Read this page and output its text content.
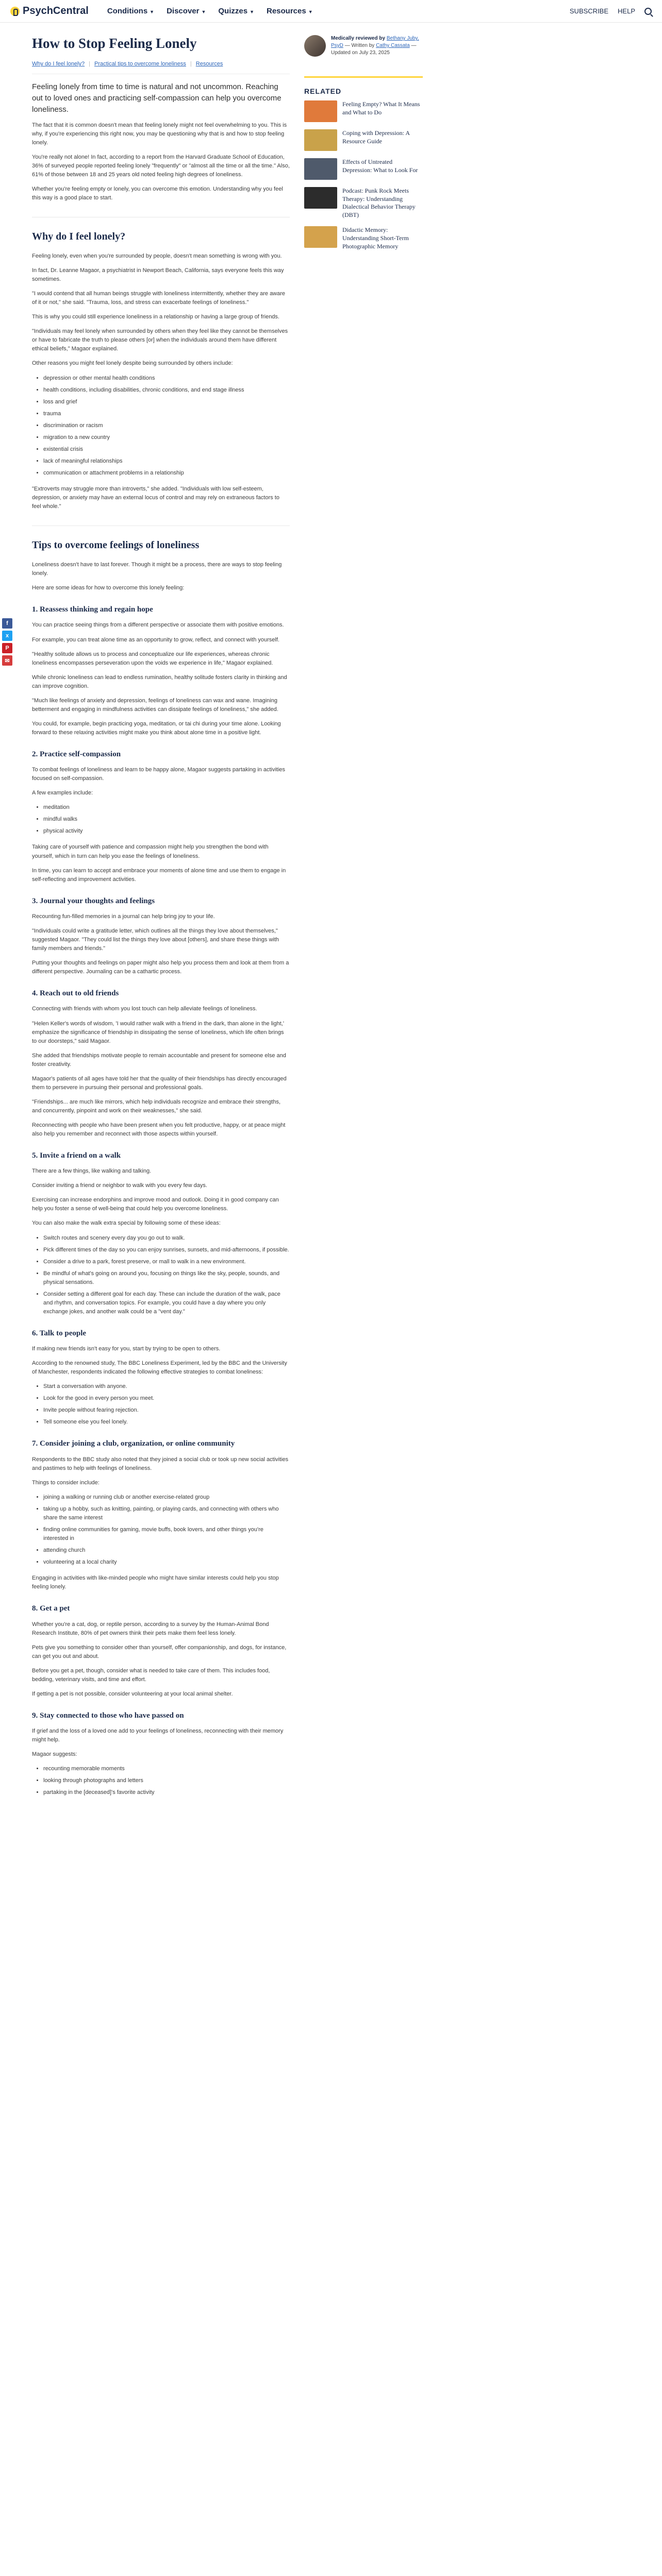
PsychCentral Conditions ▼ Discover ▼ Quizzes ▼ Resources ▼	SUBSCRIBE HELP
f
x
P
✉
How to Stop Feeling Lonely
Why do I feel lonely? | Practical tips to overcome loneliness | Resources

Feeling lonely from time to time is natural and not uncommon. Reaching out to loved ones and practicing self-compassion can help you overcome loneliness.

The fact that it is common doesn't mean that feeling lonely might not feel overwhelming to you. This is why, if you're experiencing this right now, you may be questioning why that is and how to stop feeling lonely.

You're really not alone! In fact, according to a report from the Harvard Graduate School of Education, 36% of surveyed people reported feeling lonely "frequently" or "almost all the time or all the time." Also, 61% of those between 18 and 25 years old noted feeling high degrees of loneliness.

Whether you're feeling empty or lonely, you can overcome this emotion. Understanding why you feel this way is a good place to start.

Why do I feel lonely?

Feeling lonely, even when you're surrounded by people, doesn't mean something is wrong with you.

In fact, Dr. Leanne Magaor, a psychiatrist in Newport Beach, California, says everyone feels this way sometimes.

"I would contend that all human beings struggle with loneliness intermittently, whether they are aware of it or not," she said. "Trauma, loss, and stress can exacerbate feelings of loneliness."

This is why you could still experience loneliness in a relationship or having a large group of friends.

"Individuals may feel lonely when surrounded by others when they feel like they cannot be themselves or have to fabricate the truth to please others [or] when the individuals around them have different ethical beliefs," Magaor explained.

Other reasons you might feel lonely despite being surrounded by others include:

• depression or other mental health conditions
• health conditions, including disabilities, chronic conditions, and end stage illness
• loss and grief
• trauma
• discrimination or racism
• migration to a new country
• existential crisis
• lack of meaningful relationships
• communication or attachment problems in a relationship

"Extroverts may struggle more than introverts," she added. "Individuals with low self-esteem, depression, or anxiety may have an external locus of control and may rely on extraneous factors to feel whole."

Tips to overcome feelings of loneliness

Loneliness doesn't have to last forever. Though it might be a process, there are ways to stop feeling lonely.

Here are some ideas for how to overcome this lonely feeling:

1. Reassess thinking and regain hope

You can practice seeing things from a different perspective or associate them with positive emotions.

For example, you can treat alone time as an opportunity to grow, reflect, and connect with yourself.

"Healthy solitude allows us to process and conceptualize our life experiences, whereas chronic loneliness encompasses perseveration upon the voids we experience in life," Magaor explained.

While chronic loneliness can lead to endless rumination, healthy solitude fosters clarity in thinking and can improve cognition.

"Much like feelings of anxiety and depression, feelings of loneliness can wax and wane. Imagining betterment and engaging in mindfulness activities can dissipate feelings of loneliness," she added.

You could, for example, begin practicing yoga, meditation, or tai chi during your time alone. Looking forward to these relaxing activities might make you think about alone time in a positive light.

2. Practice self-compassion

To combat feelings of loneliness and learn to be happy alone, Magaor suggests partaking in activities focused on self-compassion.

A few examples include:

• meditation
• mindful walks
• physical activity

Taking care of yourself with patience and compassion might help you strengthen the bond with yourself, which in turn can help you ease the feelings of loneliness.

In time, you can learn to accept and embrace your moments of alone time and use them to engage in self-reflecting and improvement activities.

3. Journal your thoughts and feelings

Recounting fun-filled memories in a journal can help bring joy to your life.

"Individuals could write a gratitude letter, which outlines all the things they love about themselves," suggested Magaor. "They could list the things they love about [others], and share these things with family members and friends."

Putting your thoughts and feelings on paper might also help you process them and look at them from a different perspective. Journaling can be a cathartic process.

4. Reach out to old friends

Connecting with friends with whom you lost touch can help alleviate feelings of loneliness.

"Helen Keller's words of wisdom, 'I would rather walk with a friend in the dark, than alone in the light,' emphasize the significance of friendship in dissipating the sense of loneliness, which life often brings to our doorsteps," said Magaor.

She added that friendships motivate people to remain accountable and present for someone else and foster creativity.

Magaor's patients of all ages have told her that the quality of their friendships has directly encouraged them to persevere in pursuing their personal and professional goals.

"Friendships... are much like mirrors, which help individuals recognize and embrace their strengths, and concurrently, pinpoint and work on their weaknesses," she said.

Reconnecting with people who have been present when you felt productive, happy, or at peace might also help you remember and reconnect with those aspects within yourself.

5. Invite a friend on a walk

There are a few things, like walking and talking.

Consider inviting a friend or neighbor to walk with you every few days.

Exercising can increase endorphins and improve mood and outlook. Doing it in good company can help you foster a sense of well-being that could help you overcome loneliness.

You can also make the walk extra special by following some of these ideas:

• Switch routes and scenery every day you go out to walk.
• Pick different times of the day so you can enjoy sunrises, sunsets, and mid-afternoons, if possible.
• Consider a drive to a park, forest preserve, or mall to walk in a new environment.
• Be mindful of what's going on around you, focusing on things like the sky, people, sounds, and physical sensations.
• Consider setting a different goal for each day. These can include the duration of the walk, pace and rhythm, and conversation topics. For example, you could have a day where you only exchange jokes, and another walk could be a "vent day."
6. Talk to people

If making new friends isn't easy for you, start by trying to be open to others.

According to the renowned study, The BBC Loneliness Experiment, led by the BBC and the University of Manchester, respondents indicated the following effective strategies to combat loneliness:

• Start a conversation with anyone.
• Look for the good in every person you meet.
• Invite people without fearing rejection.
• Tell someone else you feel lonely.
7. Consider joining a club, organization, or online community

Respondents to the BBC study also noted that they joined a social club or took up new social activities and pastimes to help with feelings of loneliness.

Things to consider include:

• joining a walking or running club or another exercise-related group
• taking up a hobby, such as knitting, painting, or playing cards, and connecting with others who share the same interest
• finding online communities for gaming, movie buffs, book lovers, and other things you're interested in
• attending church
• volunteering at a local charity

Engaging in activities with like-minded people who might have similar interests could help you stop feeling lonely.

8. Get a pet

Whether you're a cat, dog, or reptile person, according to a survey by the Human-Animal Bond Research Institute, 80% of pet owners think their pets make them feel less lonely.

Pets give you something to consider other than yourself, offer companionship, and dogs, for instance, can get you out and about.

Before you get a pet, though, consider what is needed to take care of them. This includes food, bedding, veterinary visits, and time and effort.

If getting a pet is not possible, consider volunteering at your local animal shelter.

9. Stay connected to those who have passed on

If grief and the loss of a loved one add to your feelings of loneliness, reconnecting with their memory might help.

Magaor suggests:

• recounting memorable moments
• looking through photographs and letters
• partaking in the [deceased]'s favorite activity
Medically reviewed by Bethany Juby, PsyD — Written by Cathy Cassata — Updated on July 23, 2025
RELATED
Feeling Empty? What It Means and What to Do
Coping with Depression: A Resource Guide
Effects of Untreated Depression: What to Look For
Podcast: Punk Rock Meets Therapy: Understanding Dialectical Behavior Therapy (DBT)
Didactic Memory: Understanding Short-Term Photographic Memory
